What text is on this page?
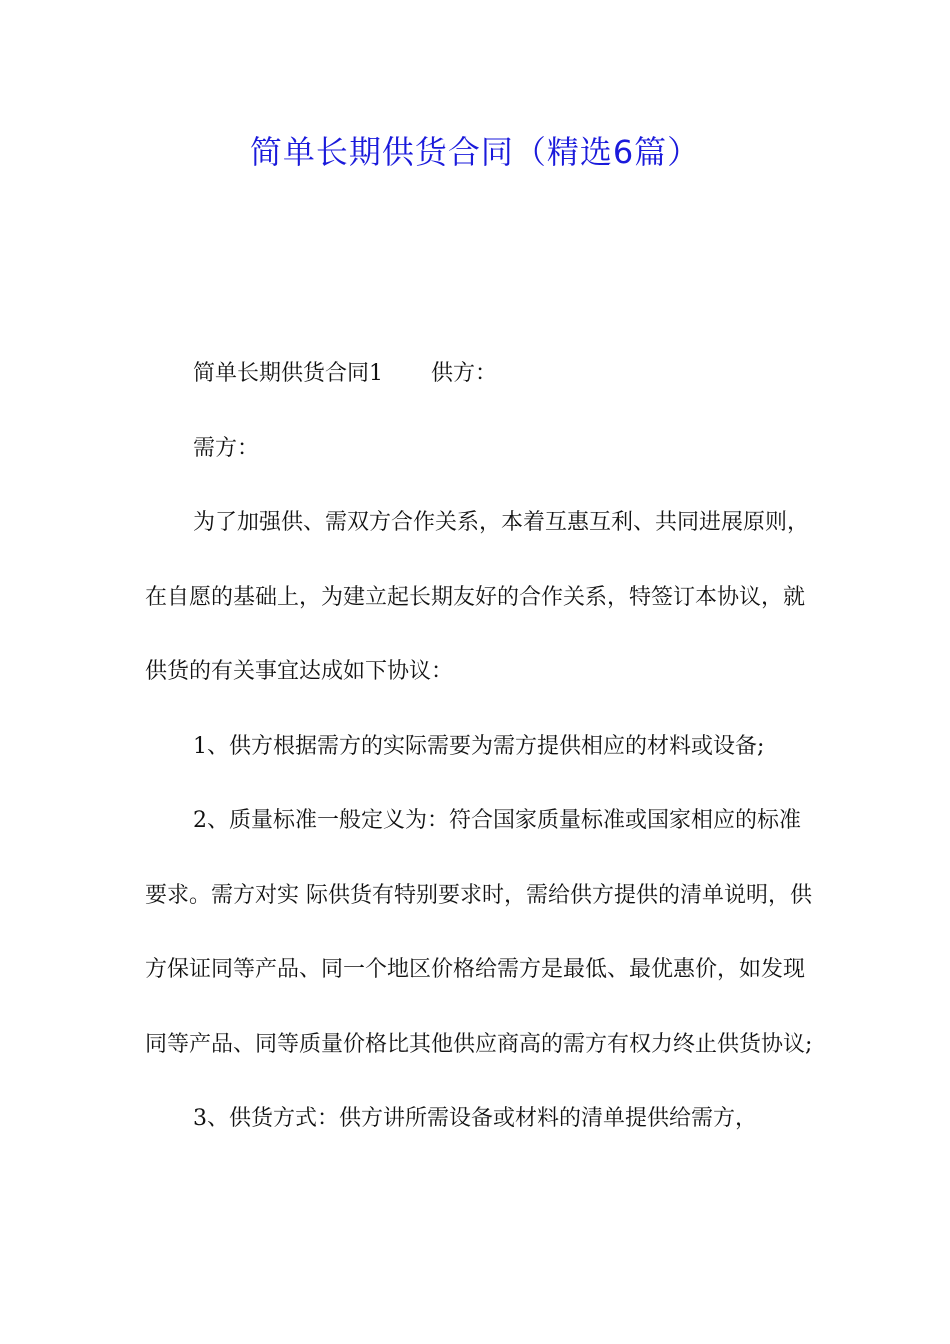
简单长期供货合同（精选6篇）

简单长期供货合同1 供方：

需方：

为了加强供、需双方合作关系，本着互惠互利、共同进展原则，在自愿的基础上，为建立起长期友好的合作关系，特签订本协议，就供货的有关事宜达成如下协议：

1、供方根据需方的实际需要为需方提供相应的材料或设备;

2、质量标准一般定义为：符合国家质量标准或国家相应的标准要求。需方对实 际供货有特别要求时，需给供方提供的清单说明，供方保证同等产品、同一个地区价格给需方是最低、最优惠价，如发现同等产品、同等质量价格比其他供应商高的需方有权力终止供货协议;

3、供货方式：供方讲所需设备或材料的清单提供给需方，
